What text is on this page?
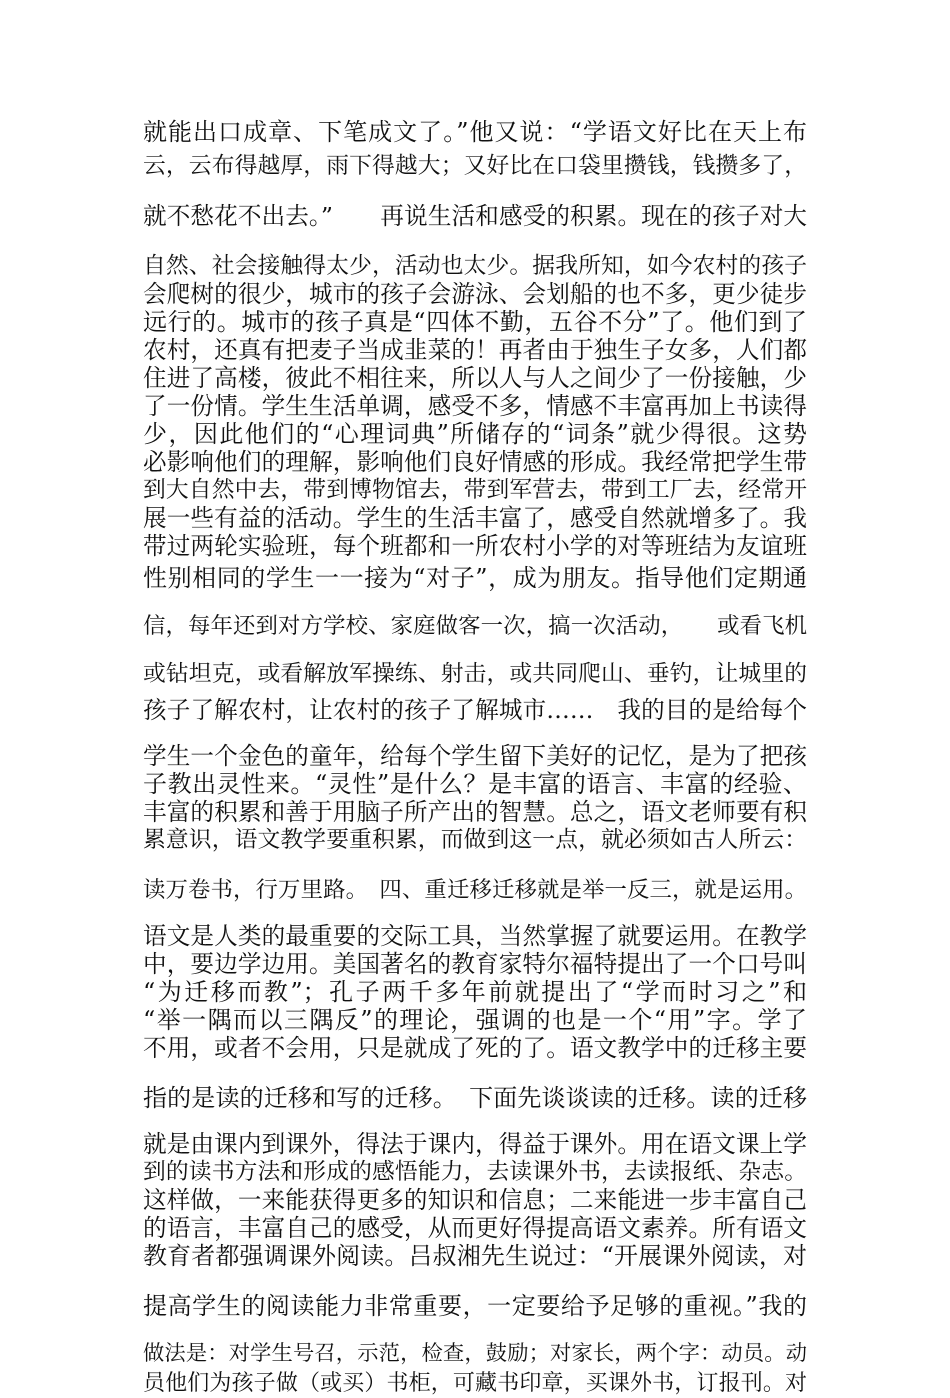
就能出口成章、下笔成文了。”他又说：“学语文好比在天上布
云，云布得越厚，雨下得越大；又好比在口袋里攒钱，钱攒多了，
就不愁花不出去。”　　再说生活和感受的积累。现在的孩子对大
自然、社会接触得太少，活动也太少。据我所知，如今农村的孩子
会爬树的很少，城市的孩子会游泳、会划船的也不多，更少徒步
远行的。城市的孩子真是“四体不勤，五谷不分”了。他们到了
农村，还真有把麦子当成韭菜的！再者由于独生子女多，人们都
住进了高楼，彼此不相往来，所以人与人之间少了一份接触，少
了一份情。学生生活单调，感受不多，情感不丰富再加上书读得
少，因此他们的“心理词典”所储存的“词条”就少得很。这势
必影响他们的理解，影响他们良好情感的形成。我经常把学生带
到大自然中去，带到博物馆去，带到军营去，带到工厂去，经常开
展一些有益的活动。学生的生活丰富了，感受自然就增多了。我
带过两轮实验班，每个班都和一所农村小学的对等班结为友谊班
性别相同的学生一一接为“对子”，成为朋友。指导他们定期通
信，每年还到对方学校、家庭做客一次，搞一次活动，　　或看飞机
或钻坦克，或看解放军操练、射击，或共同爬山、垂钓，让城里的
孩子了解农村，让农村的孩子了解城市……　我的目的是给每个
学生一个金色的童年，给每个学生留下美好的记忆，是为了把孩
子教出灵性来。“灵性”是什么？是丰富的语言、丰富的经验、
丰富的积累和善于用脑子所产出的智慧。总之，语文老师要有积
累意识，语文教学要重积累，而做到这一点，就必须如古人所云：
读万卷书，行万里路。　四、重迁移迁移就是举一反三，就是运用。
语文是人类的最重要的交际工具，当然掌握了就要运用。在教学
中，要边学边用。美国著名的教育家特尔福特提出了一个口号叫
“为迁移而教”；孔子两千多年前就提出了“学而时习之”和
“举一隅而以三隅反”的理论，强调的也是一个“用”字。学了
不用，或者不会用，只是就成了死的了。语文教学中的迁移主要
指的是读的迁移和写的迁移。　下面先谈谈读的迁移。读的迁移
就是由课内到课外，得法于课内，得益于课外。用在语文课上学
到的读书方法和形成的感悟能力，去读课外书，去读报纸、杂志。
这样做，一来能获得更多的知识和信息；二来能进一步丰富自己
的语言，丰富自己的感受，从而更好得提高语文素养。所有语文
教育者都强调课外阅读。吕叔湘先生说过：“开展课外阅读，对
提高学生的阅读能力非常重要，一定要给予足够的重视。”我的
做法是：对学生号召，示范，检查，鼓励；对家长，两个字：动员。动
员他们为孩子做（或买）书柜，可藏书印章，买课外书，订报刊。对
